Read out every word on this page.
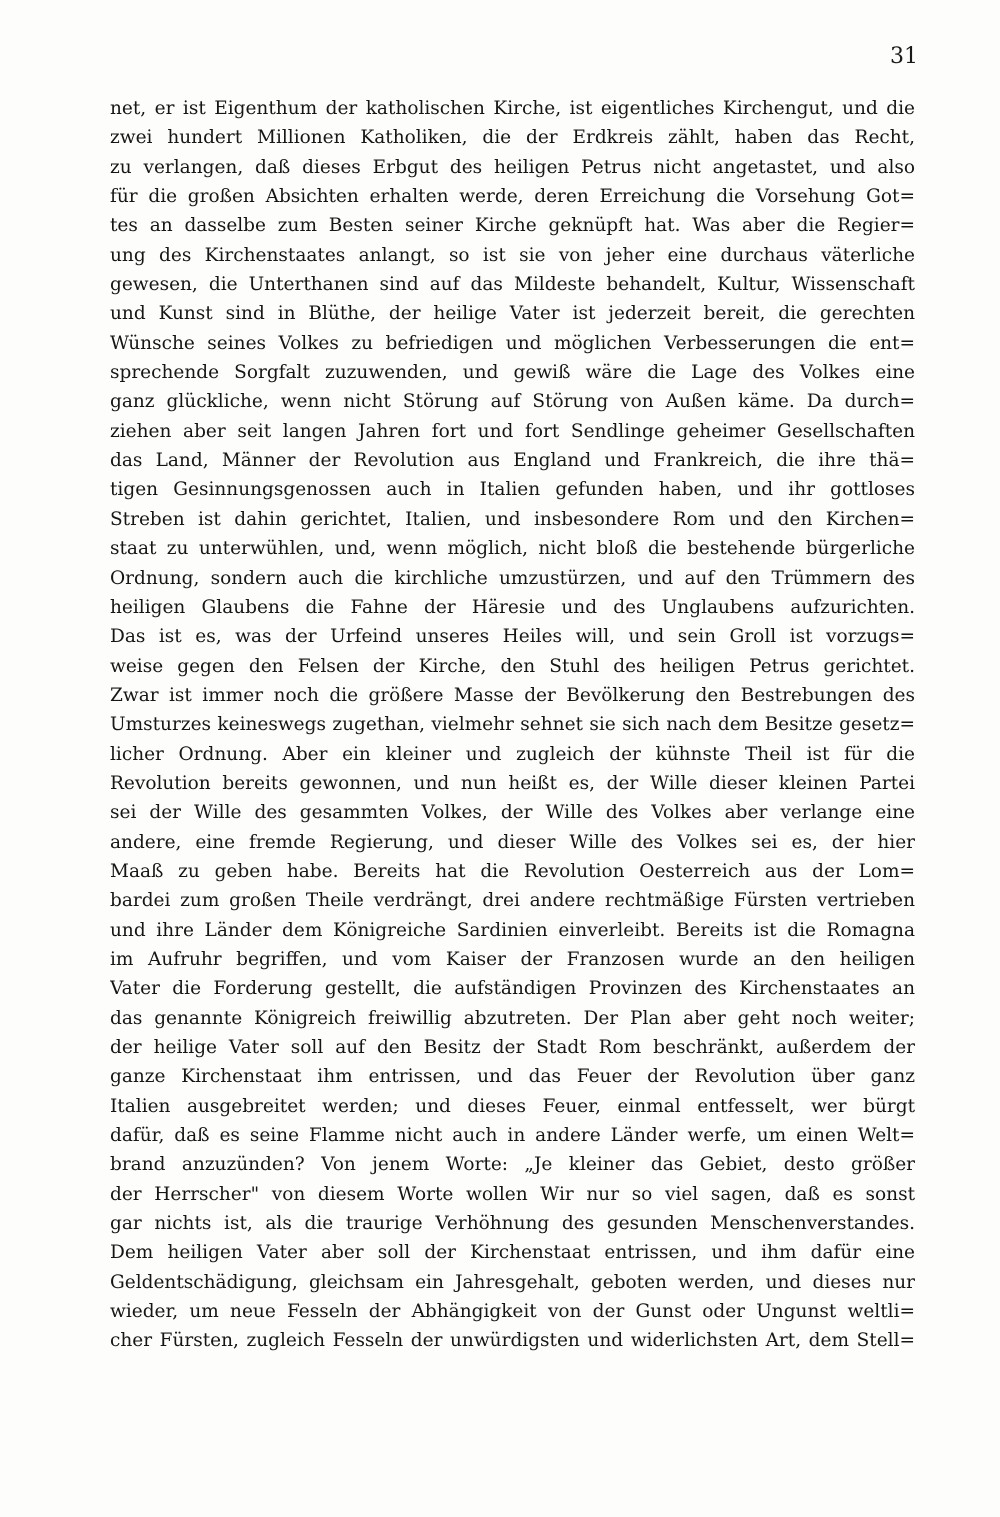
31
net, er ist Eigenthum der katholischen Kirche, ist eigentliches Kirchengut, und die
zwei hundert Millionen Katholiken, die der Erdkreis zählt, haben das Recht,
zu verlangen, daß dieses Erbgut des heiligen Petrus nicht angetastet, und also
für die großen Absichten erhalten werde, deren Erreichung die Vorsehung Got=
tes an dasselbe zum Besten seiner Kirche geknüpft hat. Was aber die Regier=
ung des Kirchenstaates anlangt, so ist sie von jeher eine durchaus väterliche
gewesen, die Unterthanen sind auf das Mildeste behandelt, Kultur, Wissenschaft
und Kunst sind in Blüthe, der heilige Vater ist jederzeit bereit, die gerechten
Wünsche seines Volkes zu befriedigen und möglichen Verbesserungen die ent=
sprechende Sorgfalt zuzuwenden, und gewiß wäre die Lage des Volkes eine
ganz glückliche, wenn nicht Störung auf Störung von Außen käme. Da durch=
ziehen aber seit langen Jahren fort und fort Sendlinge geheimer Gesellschaften
das Land, Männer der Revolution aus England und Frankreich, die ihre thä=
tigen Gesinnungsgenossen auch in Italien gefunden haben, und ihr gottloses
Streben ist dahin gerichtet, Italien, und insbesondere Rom und den Kirchen=
staat zu unterwühlen, und, wenn möglich, nicht bloß die bestehende bürgerliche
Ordnung, sondern auch die kirchliche umzustürzen, und auf den Trümmern des
heiligen Glaubens die Fahne der Häresie und des Unglaubens aufzurichten.
Das ist es, was der Urfeind unseres Heiles will, und sein Groll ist vorzugs=
weise gegen den Felsen der Kirche, den Stuhl des heiligen Petrus gerichtet.
Zwar ist immer noch die größere Masse der Bevölkerung den Bestrebungen des
Umsturzes keineswegs zugethan, vielmehr sehnet sie sich nach dem Besitze gesetz=
licher Ordnung. Aber ein kleiner und zugleich der kühnste Theil ist für die
Revolution bereits gewonnen, und nun heißt es, der Wille dieser kleinen Partei
sei der Wille des gesammten Volkes, der Wille des Volkes aber verlange eine
andere, eine fremde Regierung, und dieser Wille des Volkes sei es, der hier
Maaß zu geben habe. Bereits hat die Revolution Oesterreich aus der Lom=
bardei zum großen Theile verdrängt, drei andere rechtmäßige Fürsten vertrieben
und ihre Länder dem Königreiche Sardinien einverleibt. Bereits ist die Romagna
im Aufruhr begriffen, und vom Kaiser der Franzosen wurde an den heiligen
Vater die Forderung gestellt, die aufständigen Provinzen des Kirchenstaates an
das genannte Königreich freiwillig abzutreten. Der Plan aber geht noch weiter;
der heilige Vater soll auf den Besitz der Stadt Rom beschränkt, außerdem der
ganze Kirchenstaat ihm entrissen, und das Feuer der Revolution über ganz
Italien ausgebreitet werden; und dieses Feuer, einmal entfesselt, wer bürgt
dafür, daß es seine Flamme nicht auch in andere Länder werfe, um einen Welt=
brand anzuzünden? Von jenem Worte: „Je kleiner das Gebiet, desto größer
der Herrscher" von diesem Worte wollen Wir nur so viel sagen, daß es sonst
gar nichts ist, als die traurige Verhöhnung des gesunden Menschenverstandes.
Dem heiligen Vater aber soll der Kirchenstaat entrissen, und ihm dafür eine
Geldentschädigung, gleichsam ein Jahresgehalt, geboten werden, und dieses nur
wieder, um neue Fesseln der Abhängigkeit von der Gunst oder Ungunst weltli=
cher Fürsten, zugleich Fesseln der unwürdigsten und widerlichsten Art, dem Stell=
